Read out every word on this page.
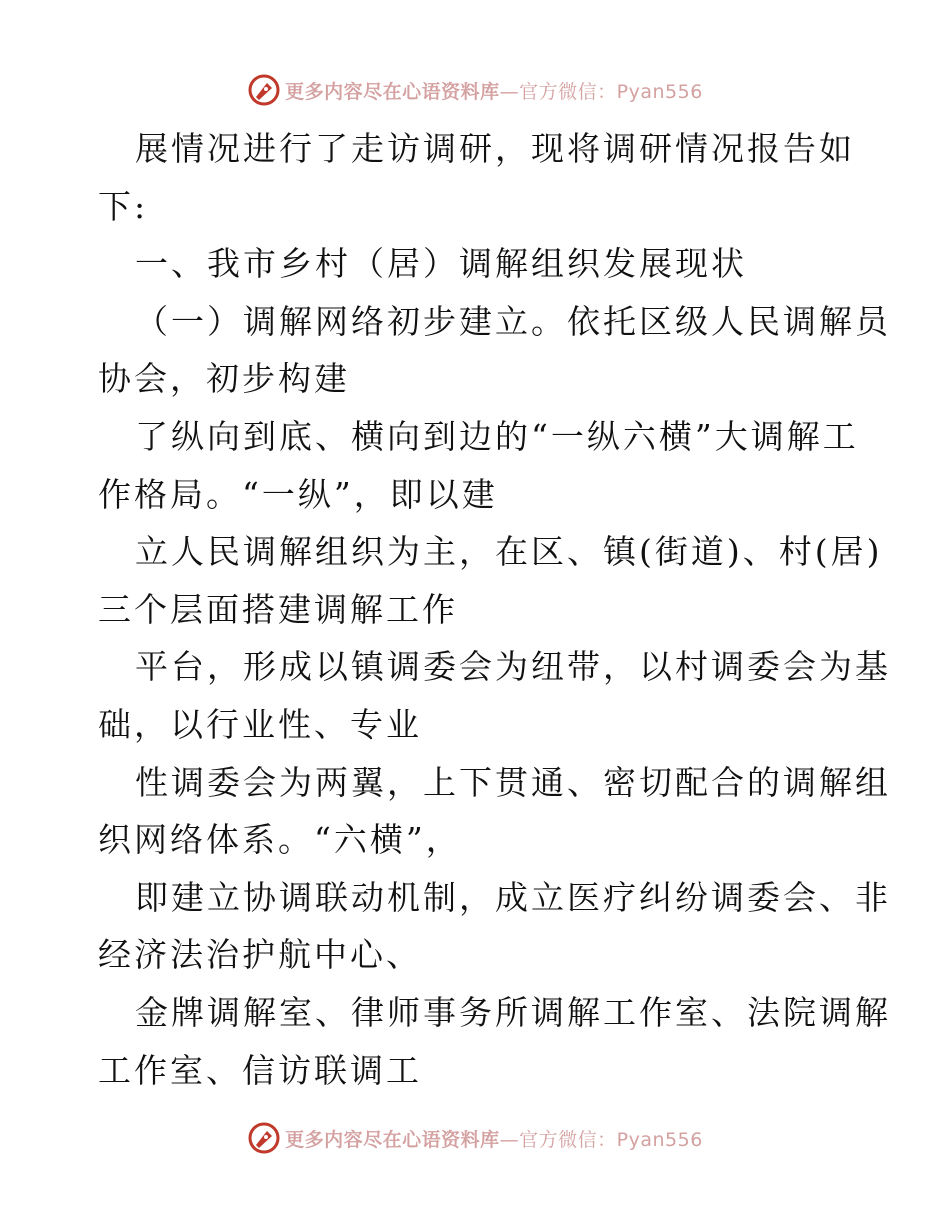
更多内容尽在心语资料库 —官方微信：Pyan556
展情况进行了走访调研，现将调研情况报告如
下:
一、我市乡村（居）调解组织发展现状
（一）调解网络初步建立。依托区级人民调解员
协会，初步构建
了纵向到底、横向到边的“一纵六横”大调解工
作格局。“一纵”，即以建
立人民调解组织为主，在区、镇(街道)、村(居)
三个层面搭建调解工作
平台，形成以镇调委会为纽带，以村调委会为基
础，以行业性、专业
性调委会为两翼，上下贯通、密切配合的调解组
织网络体系。“六横”，
即建立协调联动机制，成立医疗纠纷调委会、非
经济法治护航中心、
金牌调解室、律师事务所调解工作室、法院调解
工作室、信访联调工
更多内容尽在心语资料库 —官方微信：Pyan556
